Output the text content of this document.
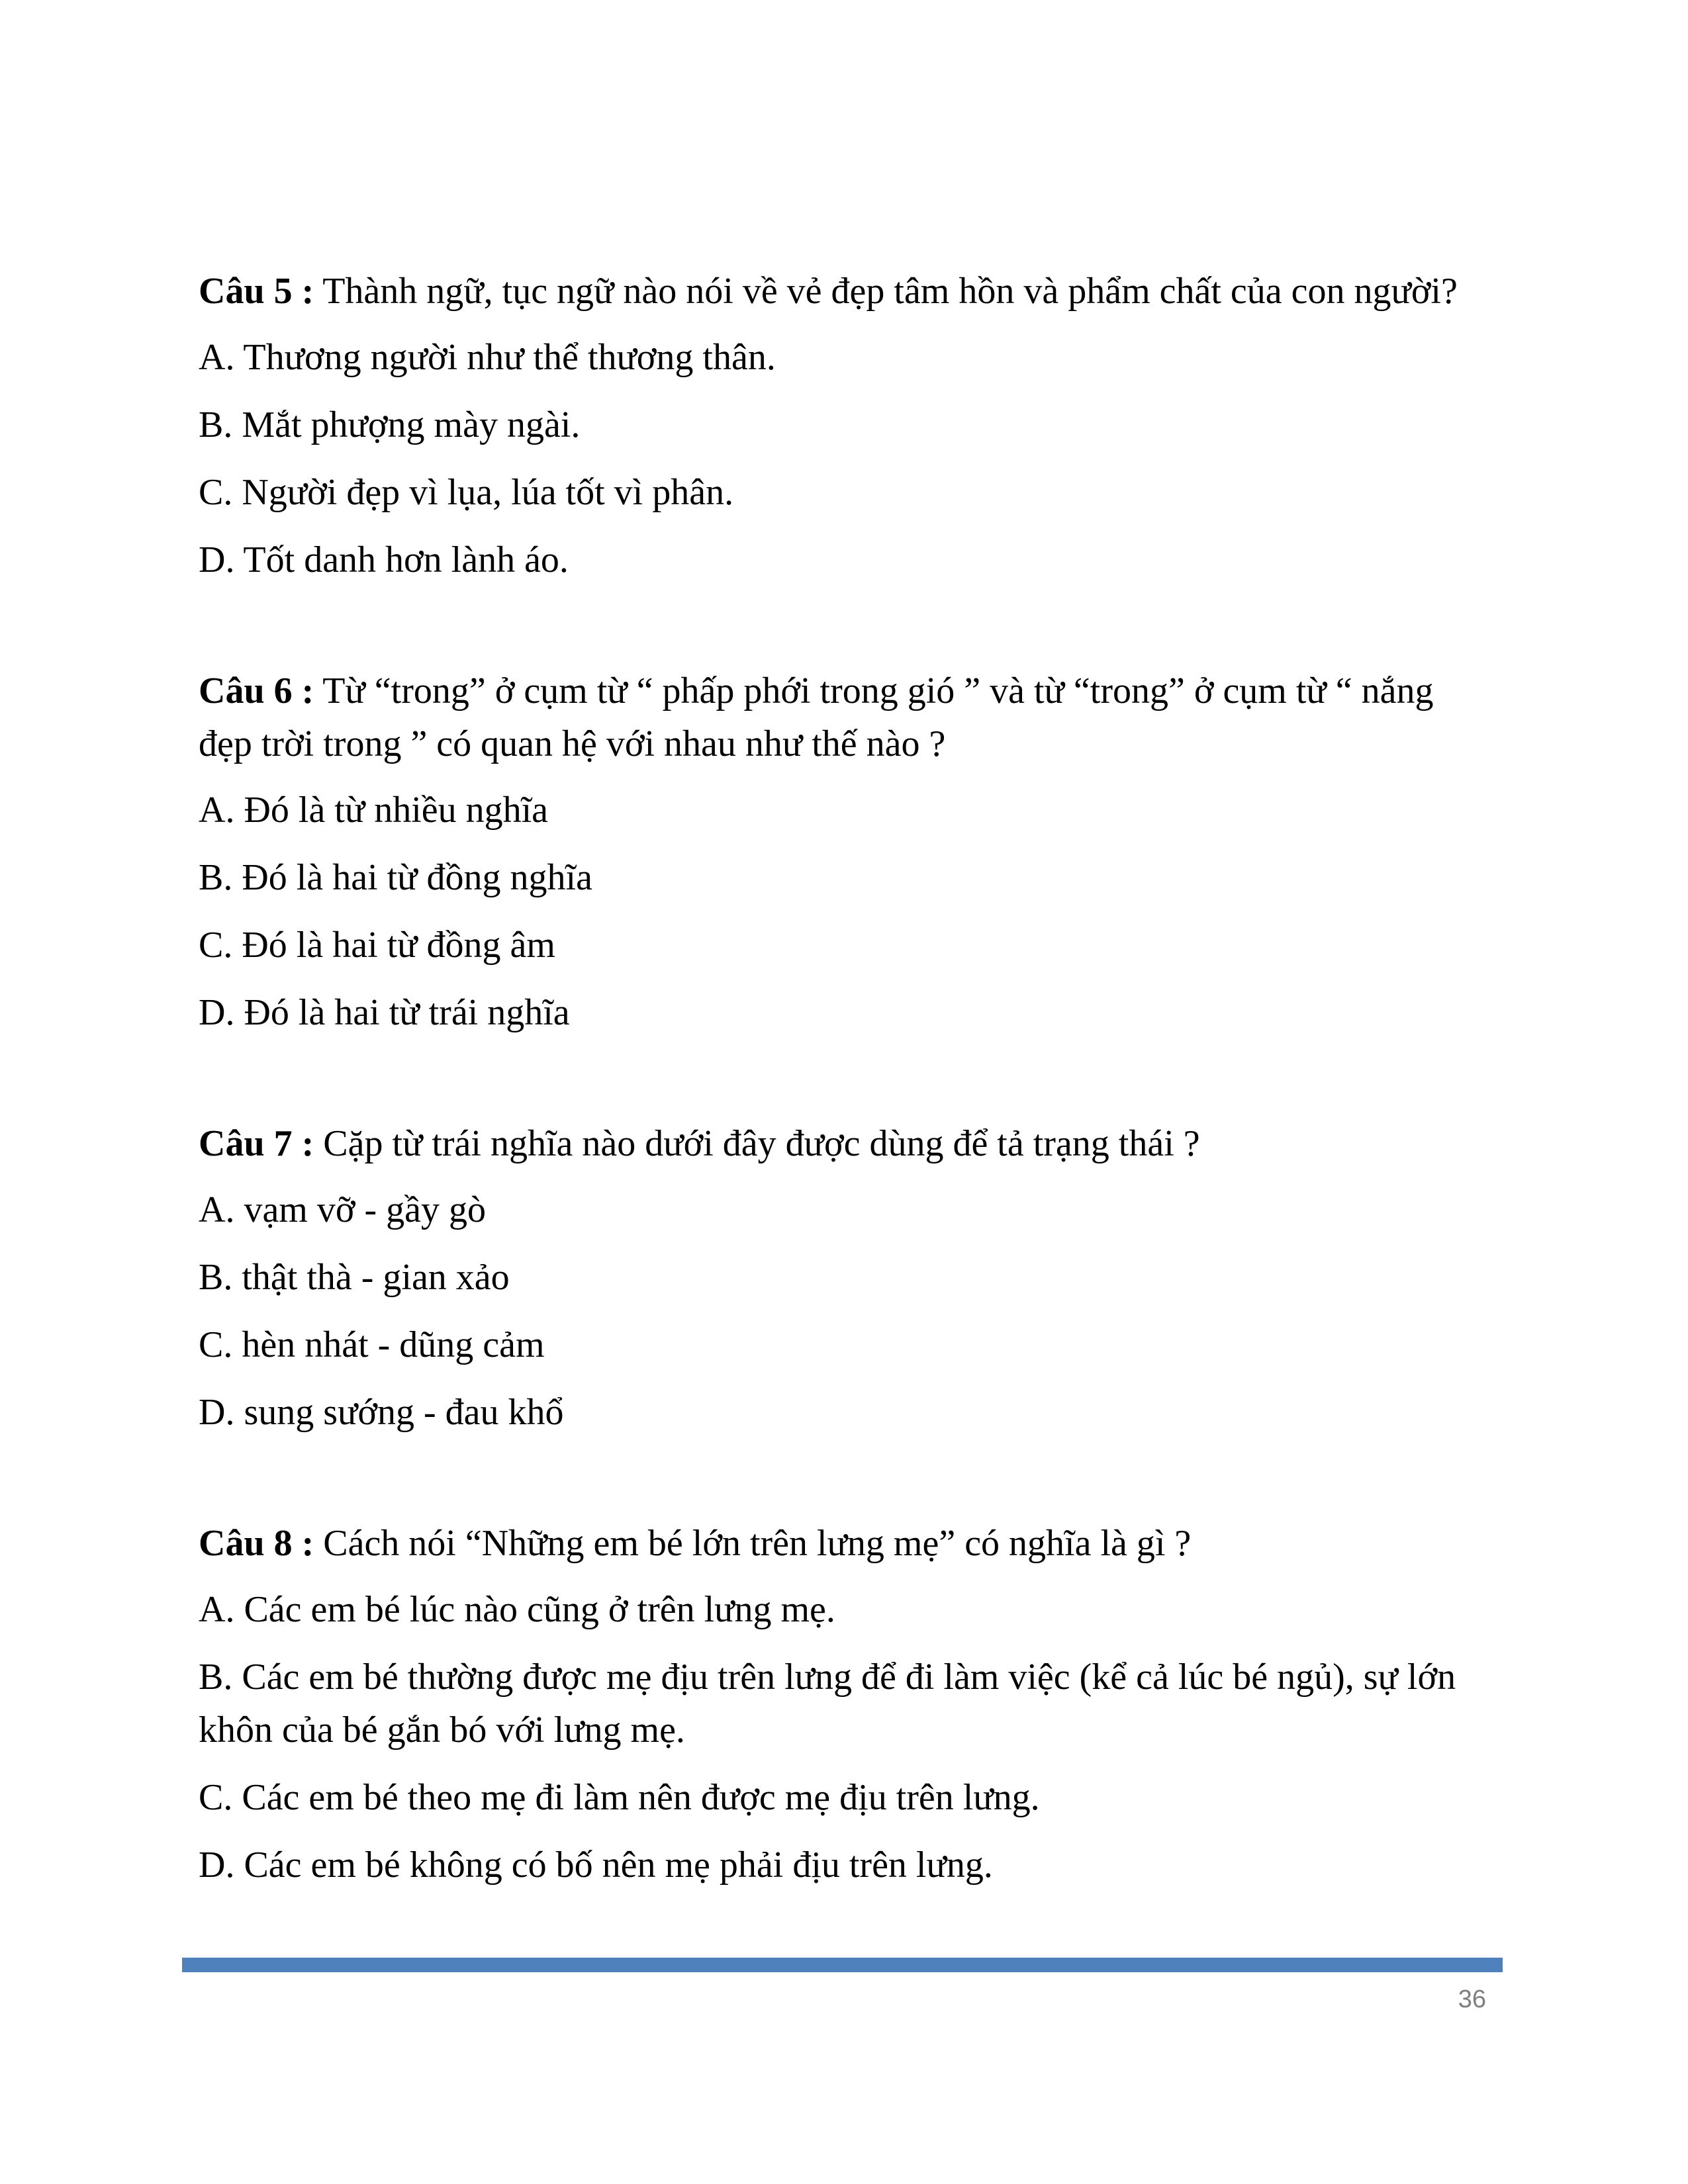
Câu 5 : Thành ngữ, tục ngữ nào nói về vẻ đẹp tâm hồn và phẩm chất của con người?

A. Thương người như thể thương thân.

B. Mắt phượng mày ngài.

C. Người đẹp vì lụa, lúa tốt vì phân.

D. Tốt danh hơn lành áo.

Câu 6 : Từ “trong” ở cụm từ “ phấp phới trong gió ” và từ “trong” ở cụm từ “ nắng đẹp trời trong ” có quan hệ với nhau như thế nào ?

A. Đó là từ nhiều nghĩa

B. Đó là hai từ đồng nghĩa

C. Đó là hai từ đồng âm

D. Đó là hai từ trái nghĩa

Câu 7 : Cặp từ trái nghĩa nào dưới đây được dùng để tả trạng thái ?

A. vạm vỡ - gầy gò

B. thật thà - gian xảo

C. hèn nhát - dũng cảm

D. sung sướng - đau khổ

Câu 8 : Cách nói “Những em bé lớn trên lưng mẹ” có nghĩa là gì ?

A. Các em bé lúc nào cũng ở trên lưng mẹ.

B. Các em bé thường được mẹ địu trên lưng để đi làm việc (kể cả lúc bé ngủ), sự lớn khôn của bé gắn bó với lưng mẹ.

C. Các em bé theo mẹ đi làm nên được mẹ địu trên lưng.

D. Các em bé không có bố nên mẹ phải địu trên lưng.

36
